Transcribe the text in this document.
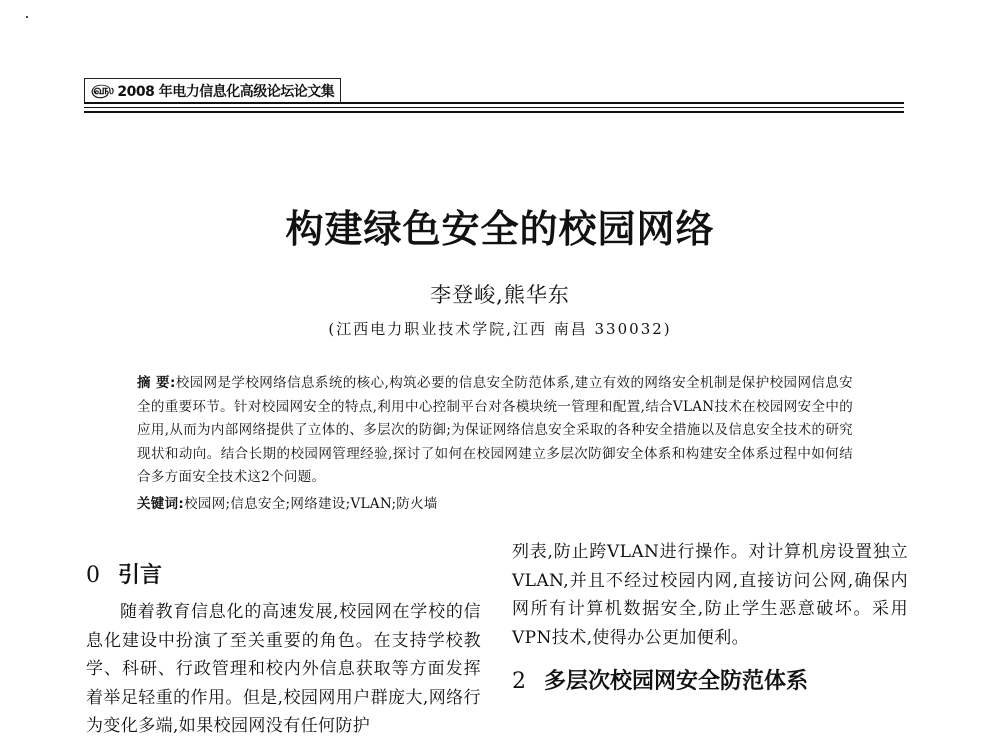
௵ 2008 年电力信息化高级论坛论文集
构建绿色安全的校园网络
李登峻,熊华东
(江西电力职业技术学院,江西 南昌 330032)
摘 要:校园网是学校网络信息系统的核心,构筑必要的信息安全防范体系,建立有效的网络安全机制是保护校园网信息安全的重要环节。针对校园网安全的特点,利用中心控制平台对各模块统一管理和配置,结合VLAN技术在校园网安全中的应用,从而为内部网络提供了立体的、多层次的防御;为保证网络信息安全采取的各种安全措施以及信息安全技术的研究现状和动向。结合长期的校园网管理经验,探讨了如何在校园网建立多层次防御安全体系和构建安全体系过程中如何结合多方面安全技术这2个问题。
关键词:校园网;信息安全;网络建设;VLAN;防火墙
0 引言
随着教育信息化的高速发展,校园网在学校的信息化建设中扮演了至关重要的角色。在支持学校教学、科研、行政管理和校内外信息获取等方面发挥着举足轻重的作用。但是,校园网用户群庞大,网络行为变化多端,如果校园网没有任何防护
列表,防止跨VLAN进行操作。对计算机房设置独立VLAN,并且不经过校园内网,直接访问公网,确保内网所有计算机数据安全,防止学生恶意破坏。采用VPN技术,使得办公更加便利。
2 多层次校园网安全防范体系
